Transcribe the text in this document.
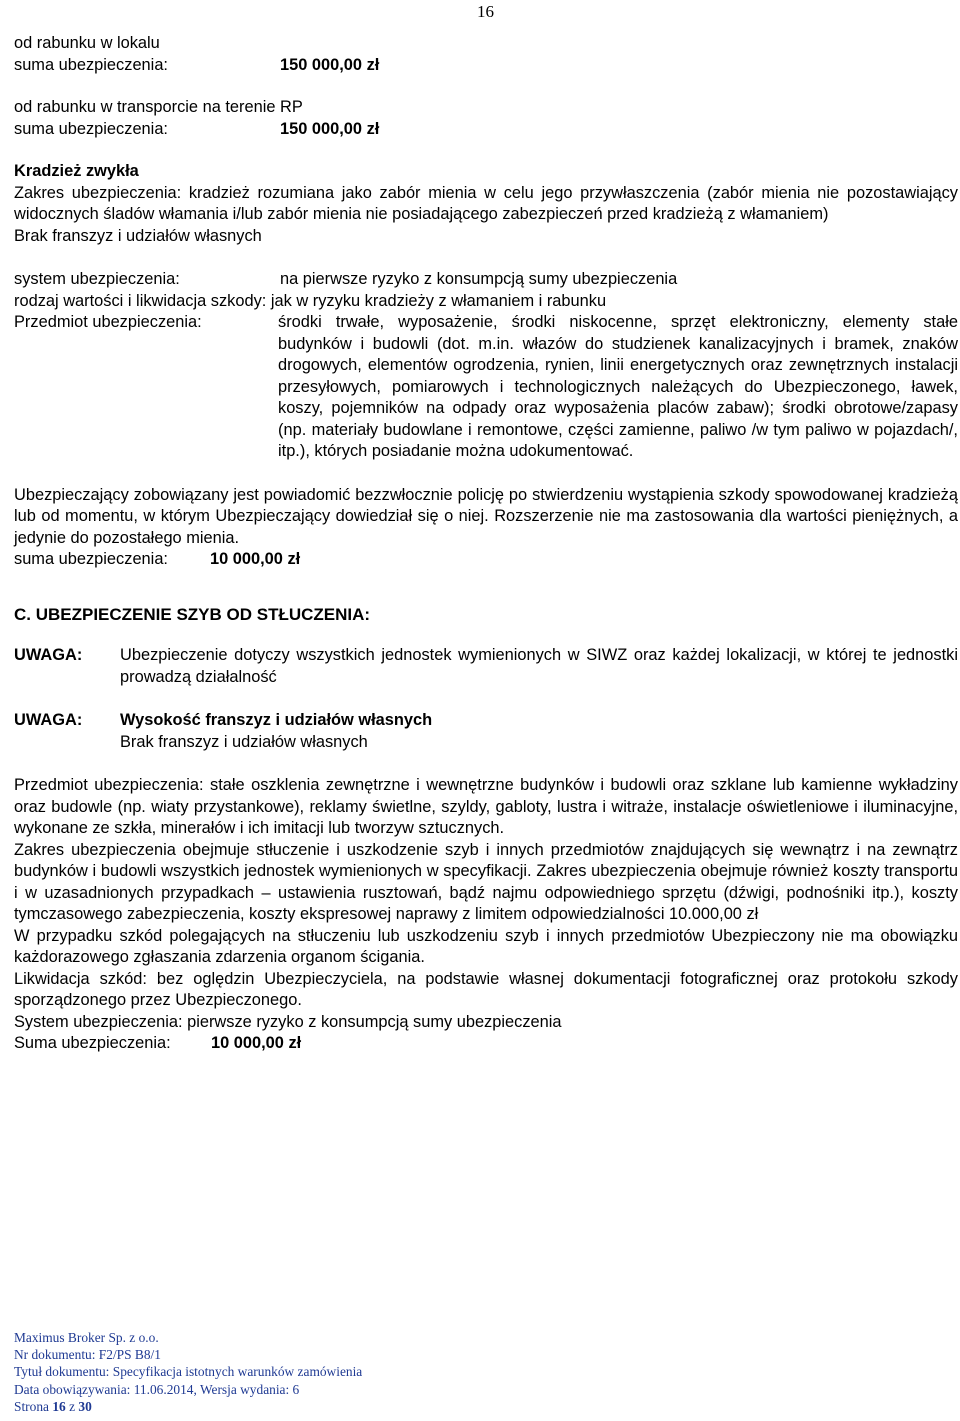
16
od rabunku w lokalu
suma ubezpieczenia:	150 000,00 zł
od rabunku w transporcie na terenie RP
suma ubezpieczenia:	150 000,00 zł
Kradzież zwykła
Zakres ubezpieczenia: kradzież rozumiana jako zabór mienia w celu jego przywłaszczenia (zabór mienia nie pozostawiający widocznych śladów włamania i/lub zabór mienia nie posiadającego zabezpieczeń przed kradzieżą z włamaniem)
Brak franszyz i udziałów własnych
system ubezpieczenia:	na pierwsze ryzyko z konsumpcją sumy ubezpieczenia
rodzaj wartości i likwidacja szkody: jak w ryzyku kradzieży z włamaniem i rabunku
Przedmiot ubezpieczenia:	środki trwałe, wyposażenie, środki niskocenne, sprzęt elektroniczny, elementy stałe budynków i budowli (dot. m.in. włazów do studzienek kanalizacyjnych i bramek, znaków drogowych, elementów ogrodzenia, rynien, linii energetycznych oraz zewnętrznych instalacji przesyłowych, pomiarowych i technologicznych należących do Ubezpieczonego, ławek, koszy, pojemników na odpady oraz wyposażenia placów zabaw); środki obrotowe/zapasy (np. materiały budowlane i remontowe, części zamienne, paliwo /w tym paliwo w pojazdach/, itp.), których posiadanie można udokumentować.
Ubezpieczający zobowiązany jest powiadomić bezzwłocznie policję po stwierdzeniu wystąpienia szkody spowodowanej kradzieżą lub od momentu, w którym Ubezpieczający dowiedział się o niej. Rozszerzenie nie ma zastosowania dla wartości pieniężnych, a jedynie do pozostałego mienia.
suma ubezpieczenia:	10 000,00 zł
C. UBEZPIECZENIE SZYB OD STŁUCZENIA:
UWAGA:	Ubezpieczenie dotyczy wszystkich jednostek wymienionych w SIWZ oraz każdej lokalizacji, w której te jednostki prowadzą działalność
UWAGA:	Wysokość franszyz i udziałów własnych
Brak franszyz i udziałów własnych
Przedmiot ubezpieczenia: stałe oszklenia zewnętrzne i wewnętrzne budynków i budowli oraz szklane lub kamienne wykładziny oraz budowle (np. wiaty przystankowe), reklamy świetlne, szyldy, gabloty, lustra i witraże, instalacje oświetleniowe i iluminacyjne, wykonane ze szkła, minerałów i ich imitacji lub tworzyw sztucznych.
Zakres ubezpieczenia obejmuje stłuczenie i uszkodzenie szyb i innych przedmiotów znajdujących się wewnątrz i na zewnątrz budynków i budowli wszystkich jednostek wymienionych w specyfikacji. Zakres ubezpieczenia obejmuje również koszty transportu i w uzasadnionych przypadkach – ustawienia rusztowań, bądź najmu odpowiedniego sprzętu (dźwigi, podnośniki itp.), koszty tymczasowego zabezpieczenia, koszty ekspresowej naprawy z limitem odpowiedzialności 10.000,00 zł
W przypadku szkód polegających na stłuczeniu lub uszkodzeniu szyb i innych przedmiotów Ubezpieczony nie ma obowiązku każdorazowego zgłaszania zdarzenia organom ścigania.
Likwidacja szkód: bez oględzin Ubezpieczyciela, na podstawie własnej dokumentacji fotograficznej oraz protokołu szkody sporządzonego przez Ubezpieczonego.
System ubezpieczenia: pierwsze ryzyko z konsumpcją sumy ubezpieczenia
Suma ubezpieczenia:	10 000,00 zł
Maximus Broker Sp. z o.o.
Nr dokumentu: F2/PS B8/1
Tytuł dokumentu: Specyfikacja istotnych warunków zamówienia
Data obowiązywania: 11.06.2014, Wersja wydania: 6
Strona 16 z 30
